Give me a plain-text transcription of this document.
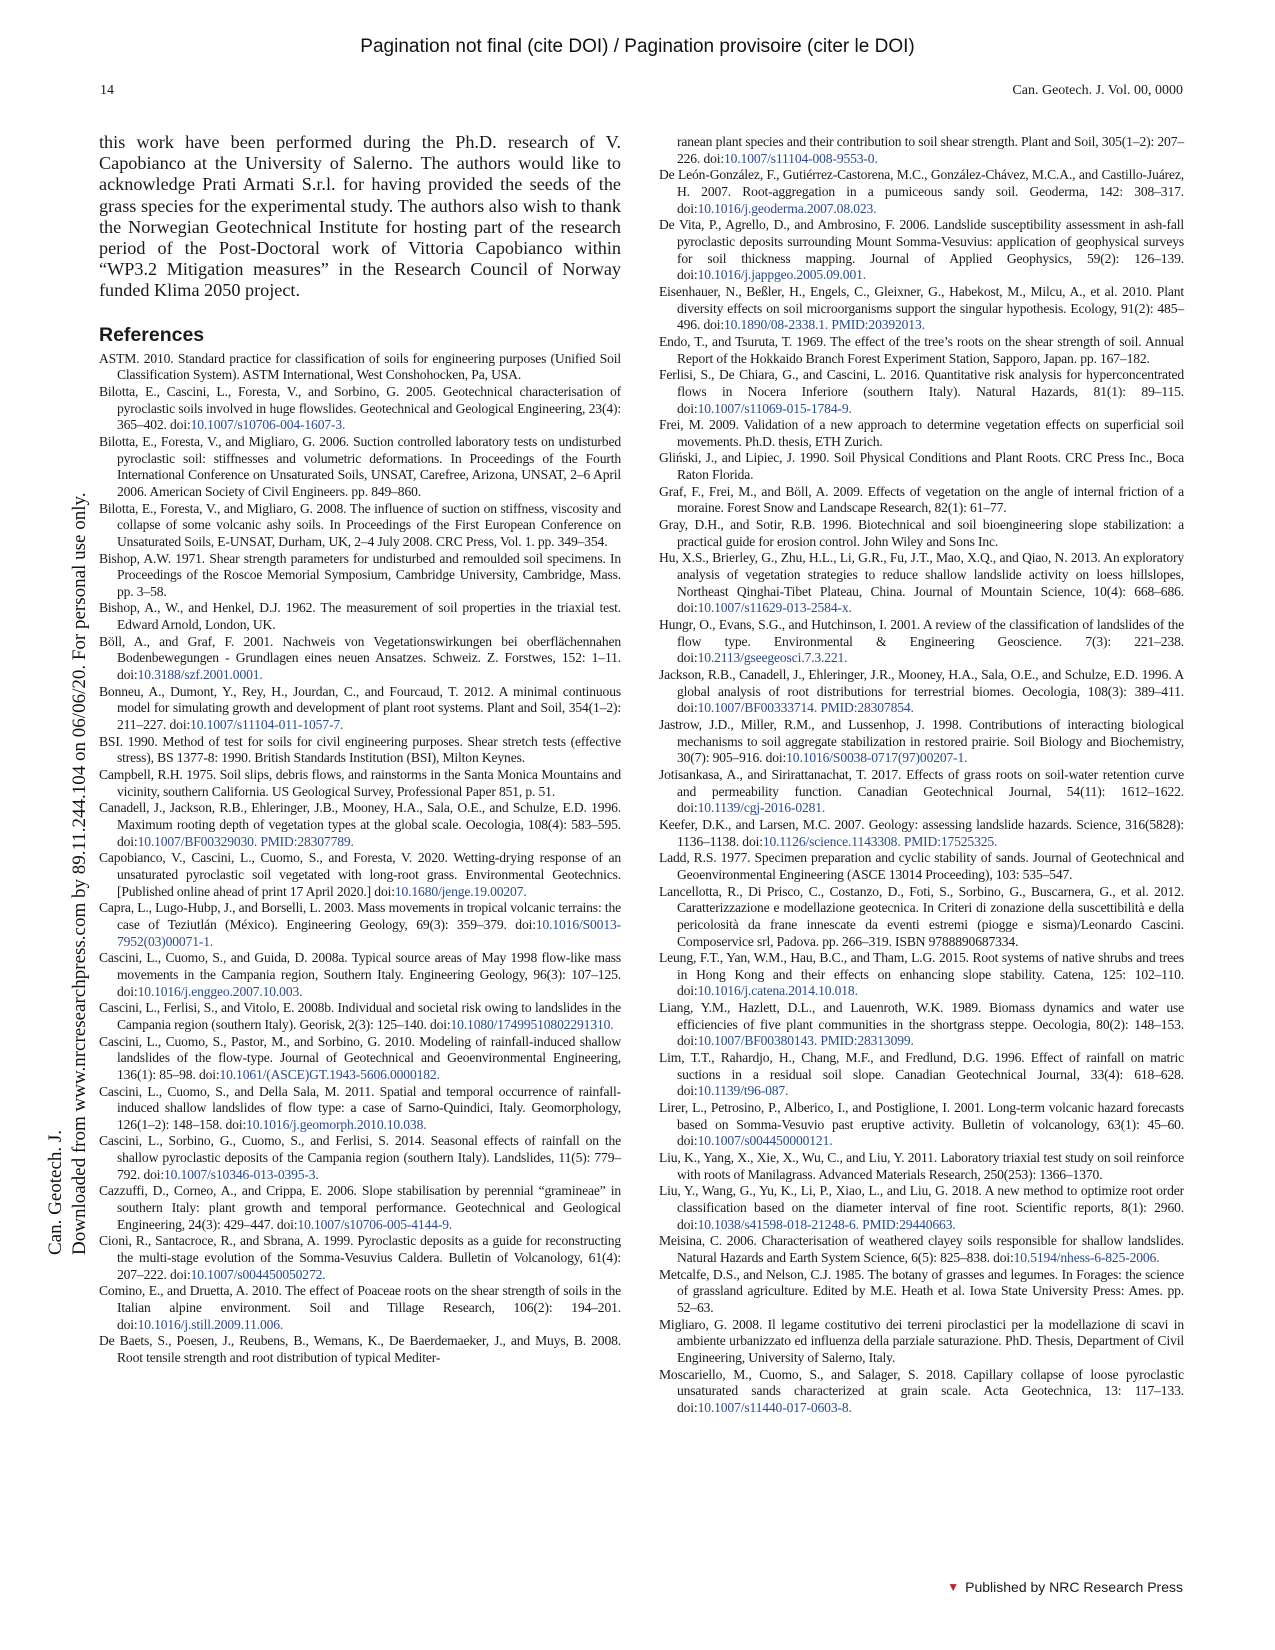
Pagination not final (cite DOI) / Pagination provisoire (citer le DOI)
14	Can. Geotech. J. Vol. 00, 0000
Can. Geotech. J. Downloaded from www.nrcresearchpress.com by 89.11.244.104 on 06/06/20. For personal use only.

this work have been performed during the Ph.D. research of V. Capobianco at the University of Salerno. The authors would like to acknowledge Prati Armati S.r.l. for having provided the seeds of the grass species for the experimental study. The authors also wish to thank the Norwegian Geotechnical Institute for hosting part of the research period of the Post-Doctoral work of Vittoria Capobianco within “WP3.2 Mitigation measures” in the Research Council of Norway funded Klima 2050 project.

References

ASTM. 2010. Standard practice for classification of soils for engineering purposes (Unified Soil Classification System). ASTM International, West Conshohocken, Pa, USA.

Bilotta, E., Cascini, L., Foresta, V., and Sorbino, G. 2005. Geotechnical characterisation of pyroclastic soils involved in huge flowslides. Geotechnical and Geological Engineering, 23(4): 365–402. doi:10.1007/s10706-004-1607-3.

Bilotta, E., Foresta, V., and Migliaro, G. 2006. Suction controlled laboratory tests on undisturbed pyroclastic soil: stiffnesses and volumetric deformations. In Proceedings of the Fourth International Conference on Unsaturated Soils, UNSAT, Carefree, Arizona, UNSAT, 2–6 April 2006. American Society of Civil Engineers. pp. 849–860.

Bilotta, E., Foresta, V., and Migliaro, G. 2008. The influence of suction on stiffness, viscosity and collapse of some volcanic ashy soils. In Proceedings of the First European Conference on Unsaturated Soils, E-UNSAT, Durham, UK, 2–4 July 2008. CRC Press, Vol. 1. pp. 349–354.

Bishop, A.W. 1971. Shear strength parameters for undisturbed and remoulded soil specimens. In Proceedings of the Roscoe Memorial Symposium, Cambridge University, Cambridge, Mass. pp. 3–58.

Bishop, A., W., and Henkel, D.J. 1962. The measurement of soil properties in the triaxial test. Edward Arnold, London, UK.

Böll, A., and Graf, F. 2001. Nachweis von Vegetationswirkungen bei oberflächennahen Bodenbewegungen - Grundlagen eines neuen Ansatzes. Schweiz. Z. Forstwes, 152: 1–11. doi:10.3188/szf.2001.0001.

Bonneu, A., Dumont, Y., Rey, H., Jourdan, C., and Fourcaud, T. 2012. A minimal continuous model for simulating growth and development of plant root systems. Plant and Soil, 354(1–2): 211–227. doi:10.1007/s11104-011-1057-7.

BSI. 1990. Method of test for soils for civil engineering purposes. Shear stretch tests (effective stress), BS 1377-8: 1990. British Standards Institution (BSI), Milton Keynes.

Campbell, R.H. 1975. Soil slips, debris flows, and rainstorms in the Santa Monica Mountains and vicinity, southern California. US Geological Survey, Professional Paper 851, p. 51.

Canadell, J., Jackson, R.B., Ehleringer, J.B., Mooney, H.A., Sala, O.E., and Schulze, E.D. 1996. Maximum rooting depth of vegetation types at the global scale. Oecologia, 108(4): 583–595. doi:10.1007/BF00329030. PMID:28307789.

Capobianco, V., Cascini, L., Cuomo, S., and Foresta, V. 2020. Wetting-drying response of an unsaturated pyroclastic soil vegetated with long-root grass. Environmental Geotechnics. [Published online ahead of print 17 April 2020.] doi:10.1680/jenge.19.00207.

Capra, L., Lugo-Hubp, J., and Borselli, L. 2003. Mass movements in tropical volcanic terrains: the case of Teziutlán (México). Engineering Geology, 69(3): 359–379. doi:10.1016/S0013-7952(03)00071-1.

Cascini, L., Cuomo, S., and Guida, D. 2008a. Typical source areas of May 1998 flow-like mass movements in the Campania region, Southern Italy. Engineering Geology, 96(3): 107–125. doi:10.1016/j.enggeo.2007.10.003.

Cascini, L., Ferlisi, S., and Vitolo, E. 2008b. Individual and societal risk owing to landslides in the Campania region (southern Italy). Georisk, 2(3): 125–140. doi:10.1080/17499510802291310.

Cascini, L., Cuomo, S., Pastor, M., and Sorbino, G. 2010. Modeling of rainfall-induced shallow landslides of the flow-type. Journal of Geotechnical and Geoenvironmental Engineering, 136(1): 85–98. doi:10.1061/(ASCE)GT.1943-5606.0000182.

Cascini, L., Cuomo, S., and Della Sala, M. 2011. Spatial and temporal occurrence of rainfall-induced shallow landslides of flow type: a case of Sarno-Quindici, Italy. Geomorphology, 126(1–2): 148–158. doi:10.1016/j.geomorph.2010.10.038.

Cascini, L., Sorbino, G., Cuomo, S., and Ferlisi, S. 2014. Seasonal effects of rainfall on the shallow pyroclastic deposits of the Campania region (southern Italy). Landslides, 11(5): 779–792. doi:10.1007/s10346-013-0395-3.

Cazzuffi, D., Corneo, A., and Crippa, E. 2006. Slope stabilisation by perennial “gramineae” in southern Italy: plant growth and temporal performance. Geotechnical and Geological Engineering, 24(3): 429–447. doi:10.1007/s10706-005-4144-9.

Cioni, R., Santacroce, R., and Sbrana, A. 1999. Pyroclastic deposits as a guide for reconstructing the multi-stage evolution of the Somma-Vesuvius Caldera. Bulletin of Volcanology, 61(4): 207–222. doi:10.1007/s004450050272.

Comino, E., and Druetta, A. 2010. The effect of Poaceae roots on the shear strength of soils in the Italian alpine environment. Soil and Tillage Research, 106(2): 194–201. doi:10.1016/j.still.2009.11.006.

De Baets, S., Poesen, J., Reubens, B., Wemans, K., De Baerdemaeker, J., and Muys, B. 2008. Root tensile strength and root distribution of typical Mediter-

ranean plant species and their contribution to soil shear strength. Plant and Soil, 305(1–2): 207–226. doi:10.1007/s11104-008-9553-0.

De León-González, F., Gutiérrez-Castorena, M.C., González-Chávez, M.C.A., and Castillo-Juárez, H. 2007. Root-aggregation in a pumiceous sandy soil. Geoderma, 142: 308–317. doi:10.1016/j.geoderma.2007.08.023.

De Vita, P., Agrello, D., and Ambrosino, F. 2006. Landslide susceptibility assessment in ash-fall pyroclastic deposits surrounding Mount Somma-Vesuvius: application of geophysical surveys for soil thickness mapping. Journal of Applied Geophysics, 59(2): 126–139. doi:10.1016/j.jappgeo.2005.09.001.

Eisenhauer, N., Beßler, H., Engels, C., Gleixner, G., Habekost, M., Milcu, A., et al. 2010. Plant diversity effects on soil microorganisms support the singular hypothesis. Ecology, 91(2): 485–496. doi:10.1890/08-2338.1. PMID:20392013.

Endo, T., and Tsuruta, T. 1969. The effect of the tree’s roots on the shear strength of soil. Annual Report of the Hokkaido Branch Forest Experiment Station, Sapporo, Japan. pp. 167–182.

Ferlisi, S., De Chiara, G., and Cascini, L. 2016. Quantitative risk analysis for hyperconcentrated flows in Nocera Inferiore (southern Italy). Natural Hazards, 81(1): 89–115. doi:10.1007/s11069-015-1784-9.

Frei, M. 2009. Validation of a new approach to determine vegetation effects on superficial soil movements. Ph.D. thesis, ETH Zurich.

Gliński, J., and Lipiec, J. 1990. Soil Physical Conditions and Plant Roots. CRC Press Inc., Boca Raton Florida.

Graf, F., Frei, M., and Böll, A. 2009. Effects of vegetation on the angle of internal friction of a moraine. Forest Snow and Landscape Research, 82(1): 61–77.

Gray, D.H., and Sotir, R.B. 1996. Biotechnical and soil bioengineering slope stabilization: a practical guide for erosion control. John Wiley and Sons Inc.

Hu, X.S., Brierley, G., Zhu, H.L., Li, G.R., Fu, J.T., Mao, X.Q., and Qiao, N. 2013. An exploratory analysis of vegetation strategies to reduce shallow landslide activity on loess hillslopes, Northeast Qinghai-Tibet Plateau, China. Journal of Mountain Science, 10(4): 668–686. doi:10.1007/s11629-013-2584-x.

Hungr, O., Evans, S.G., and Hutchinson, I. 2001. A review of the classification of landslides of the flow type. Environmental & Engineering Geoscience. 7(3): 221–238. doi:10.2113/gseegeosci.7.3.221.

Jackson, R.B., Canadell, J., Ehleringer, J.R., Mooney, H.A., Sala, O.E., and Schulze, E.D. 1996. A global analysis of root distributions for terrestrial biomes. Oecologia, 108(3): 389–411. doi:10.1007/BF00333714. PMID:28307854.

Jastrow, J.D., Miller, R.M., and Lussenhop, J. 1998. Contributions of interacting biological mechanisms to soil aggregate stabilization in restored prairie. Soil Biology and Biochemistry, 30(7): 905–916. doi:10.1016/S0038-0717(97)00207-1.

Jotisankasa, A., and Sirirattanachat, T. 2017. Effects of grass roots on soil-water retention curve and permeability function. Canadian Geotechnical Journal, 54(11): 1612–1622. doi:10.1139/cgj-2016-0281.

Keefer, D.K., and Larsen, M.C. 2007. Geology: assessing landslide hazards. Science, 316(5828): 1136–1138. doi:10.1126/science.1143308. PMID:17525325.

Ladd, R.S. 1977. Specimen preparation and cyclic stability of sands. Journal of Geotechnical and Geoenvironmental Engineering (ASCE 13014 Proceeding), 103: 535–547.

Lancellotta, R., Di Prisco, C., Costanzo, D., Foti, S., Sorbino, G., Buscarnera, G., et al. 2012. Caratterizzazione e modellazione geotecnica. In Criteri di zonazione della suscettibilità e della pericolosità da frane innescate da eventi estremi (piogge e sisma)/Leonardo Cascini. Composervice srl, Padova. pp. 266–319. ISBN 9788890687334.

Leung, F.T., Yan, W.M., Hau, B.C., and Tham, L.G. 2015. Root systems of native shrubs and trees in Hong Kong and their effects on enhancing slope stability. Catena, 125: 102–110. doi:10.1016/j.catena.2014.10.018.

Liang, Y.M., Hazlett, D.L., and Lauenroth, W.K. 1989. Biomass dynamics and water use efficiencies of five plant communities in the shortgrass steppe. Oecologia, 80(2): 148–153. doi:10.1007/BF00380143. PMID:28313099.

Lim, T.T., Rahardjo, H., Chang, M.F., and Fredlund, D.G. 1996. Effect of rainfall on matric suctions in a residual soil slope. Canadian Geotechnical Journal, 33(4): 618–628. doi:10.1139/t96-087.

Lirer, L., Petrosino, P., Alberico, I., and Postiglione, I. 2001. Long-term volcanic hazard forecasts based on Somma-Vesuvio past eruptive activity. Bulletin of volcanology, 63(1): 45–60. doi:10.1007/s004450000121.

Liu, K., Yang, X., Xie, X., Wu, C., and Liu, Y. 2011. Laboratory triaxial test study on soil reinforce with roots of Manilagrass. Advanced Materials Research, 250(253): 1366–1370.

Liu, Y., Wang, G., Yu, K., Li, P., Xiao, L., and Liu, G. 2018. A new method to optimize root order classification based on the diameter interval of fine root. Scientific reports, 8(1): 2960. doi:10.1038/s41598-018-21248-6. PMID:29440663.

Meisina, C. 2006. Characterisation of weathered clayey soils responsible for shallow landslides. Natural Hazards and Earth System Science, 6(5): 825–838. doi:10.5194/nhess-6-825-2006.

Metcalfe, D.S., and Nelson, C.J. 1985. The botany of grasses and legumes. In Forages: the science of grassland agriculture. Edited by M.E. Heath et al. Iowa State University Press: Ames. pp. 52–63.

Migliaro, G. 2008. Il legame costitutivo dei terreni piroclastici per la modellazione di scavi in ambiente urbanizzato ed influenza della parziale saturazione. PhD. Thesis, Department of Civil Engineering, University of Salerno, Italy.

Moscariello, M., Cuomo, S., and Salager, S. 2018. Capillary collapse of loose pyroclastic unsaturated sands characterized at grain scale. Acta Geotechnica, 13: 117–133. doi:10.1007/s11440-017-0603-8.

▼ Published by NRC Research Press
